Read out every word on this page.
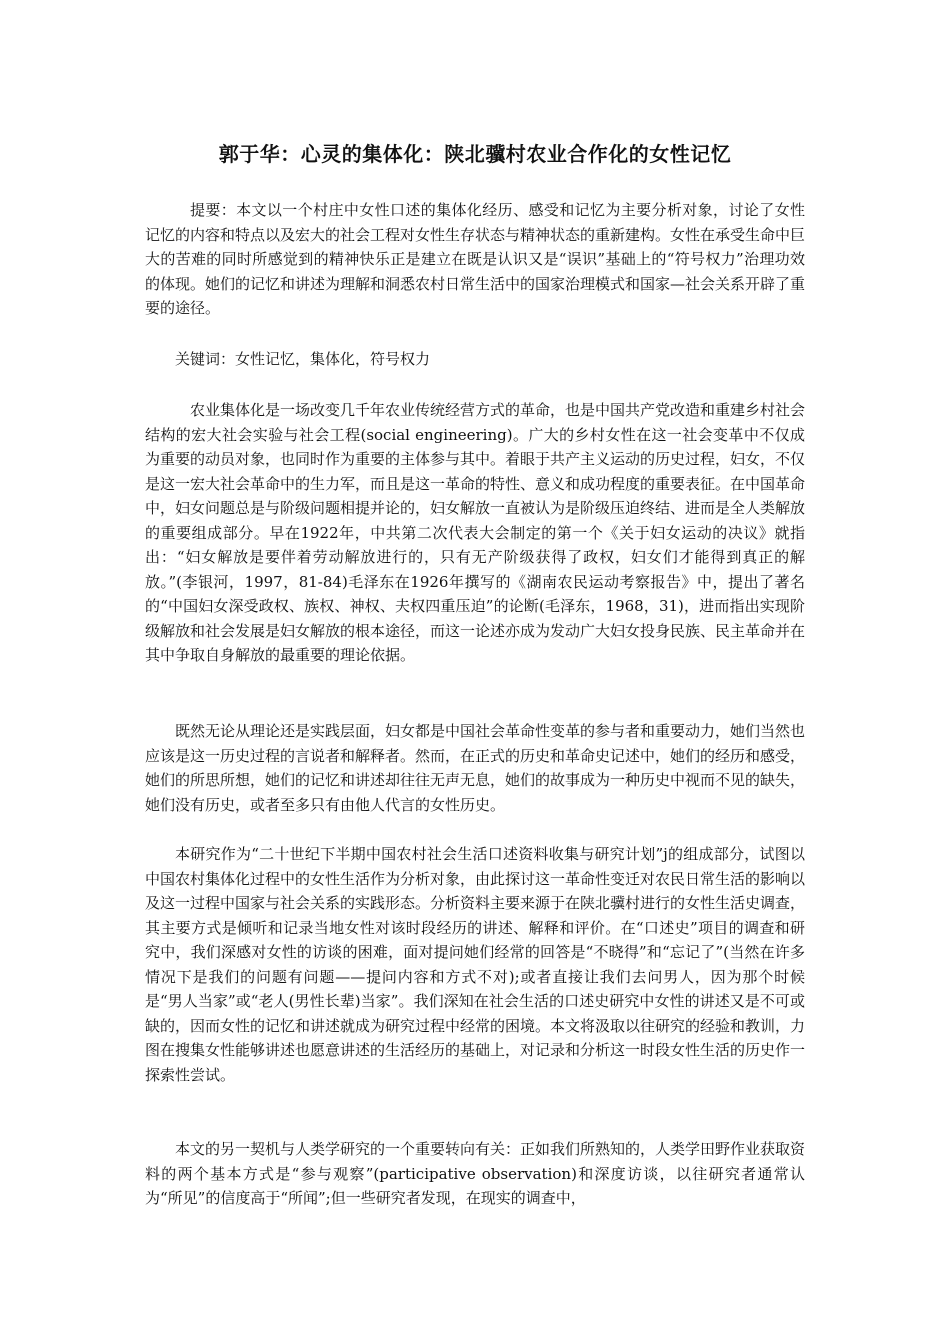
郭于华：心灵的集体化：陕北骥村农业合作化的女性记忆

提要：本文以一个村庄中女性口述的集体化经历、感受和记忆为主要分析对象，讨论了女性记忆的内容和特点以及宏大的社会工程对女性生存状态与精神状态的重新建构。女性在承受生命中巨大的苦难的同时所感觉到的精神快乐正是建立在既是认识又是“误识”基础上的“符号权力”治理功效的体现。她们的记忆和讲述为理解和洞悉农村日常生活中的国家治理模式和国家—社会关系开辟了重要的途径。

关键词：女性记忆，集体化，符号权力

农业集体化是一场改变几千年农业传统经营方式的革命，也是中国共产党改造和重建乡村社会结构的宏大社会实验与社会工程(social engineering)。广大的乡村女性在这一社会变革中不仅成为重要的动员对象，也同时作为重要的主体参与其中。着眼于共产主义运动的历史过程，妇女，不仅是这一宏大社会革命中的生力军，而且是这一革命的特性、意义和成功程度的重要表征。在中国革命中，妇女问题总是与阶级问题相提并论的，妇女解放一直被认为是阶级压迫终结、进而是全人类解放的重要组成部分。早在1922年，中共第二次代表大会制定的第一个《关于妇女运动的决议》就指出：“妇女解放是要伴着劳动解放进行的，只有无产阶级获得了政权，妇女们才能得到真正的解放。”(李银河，1997，81-84)毛泽东在1926年撰写的《湖南农民运动考察报告》中，提出了著名的“中国妇女深受政权、族权、神权、夫权四重压迫”的论断(毛泽东，1968，31)，进而指出实现阶级解放和社会发展是妇女解放的根本途径，而这一论述亦成为发动广大妇女投身民族、民主革命并在其中争取自身解放的最重要的理论依据。

既然无论从理论还是实践层面，妇女都是中国社会革命性变革的参与者和重要动力，她们当然也应该是这一历史过程的言说者和解释者。然而，在正式的历史和革命史记述中，她们的经历和感受，她们的所思所想，她们的记忆和讲述却往往无声无息，她们的故事成为一种历史中视而不见的缺失，她们没有历史，或者至多只有由他人代言的女性历史。

本研究作为“二十世纪下半期中国农村社会生活口述资料收集与研究计划”j的组成部分，试图以中国农村集体化过程中的女性生活作为分析对象，由此探讨这一革命性变迁对农民日常生活的影响以及这一过程中国家与社会关系的实践形态。分析资料主要来源于在陕北骥村进行的女性生活史调查，其主要方式是倾听和记录当地女性对该时段经历的讲述、解释和评价。在“口述史”项目的调查和研究中，我们深感对女性的访谈的困难，面对提问她们经常的回答是“不晓得”和“忘记了”(当然在许多情况下是我们的问题有问题——提问内容和方式不对);或者直接让我们去问男人，因为那个时候是“男人当家”或“老人(男性长辈)当家”。我们深知在社会生活的口述史研究中女性的讲述又是不可或缺的，因而女性的记忆和讲述就成为研究过程中经常的困境。本文将汲取以往研究的经验和教训，力图在搜集女性能够讲述也愿意讲述的生活经历的基础上，对记录和分析这一时段女性生活的历史作一探索性尝试。

本文的另一契机与人类学研究的一个重要转向有关：正如我们所熟知的，人类学田野作业获取资料的两个基本方式是“参与观察”(participative observation)和深度访谈，以往研究者通常认为“所见”的信度高于“所闻”;但一些研究者发现，在现实的调查中，
